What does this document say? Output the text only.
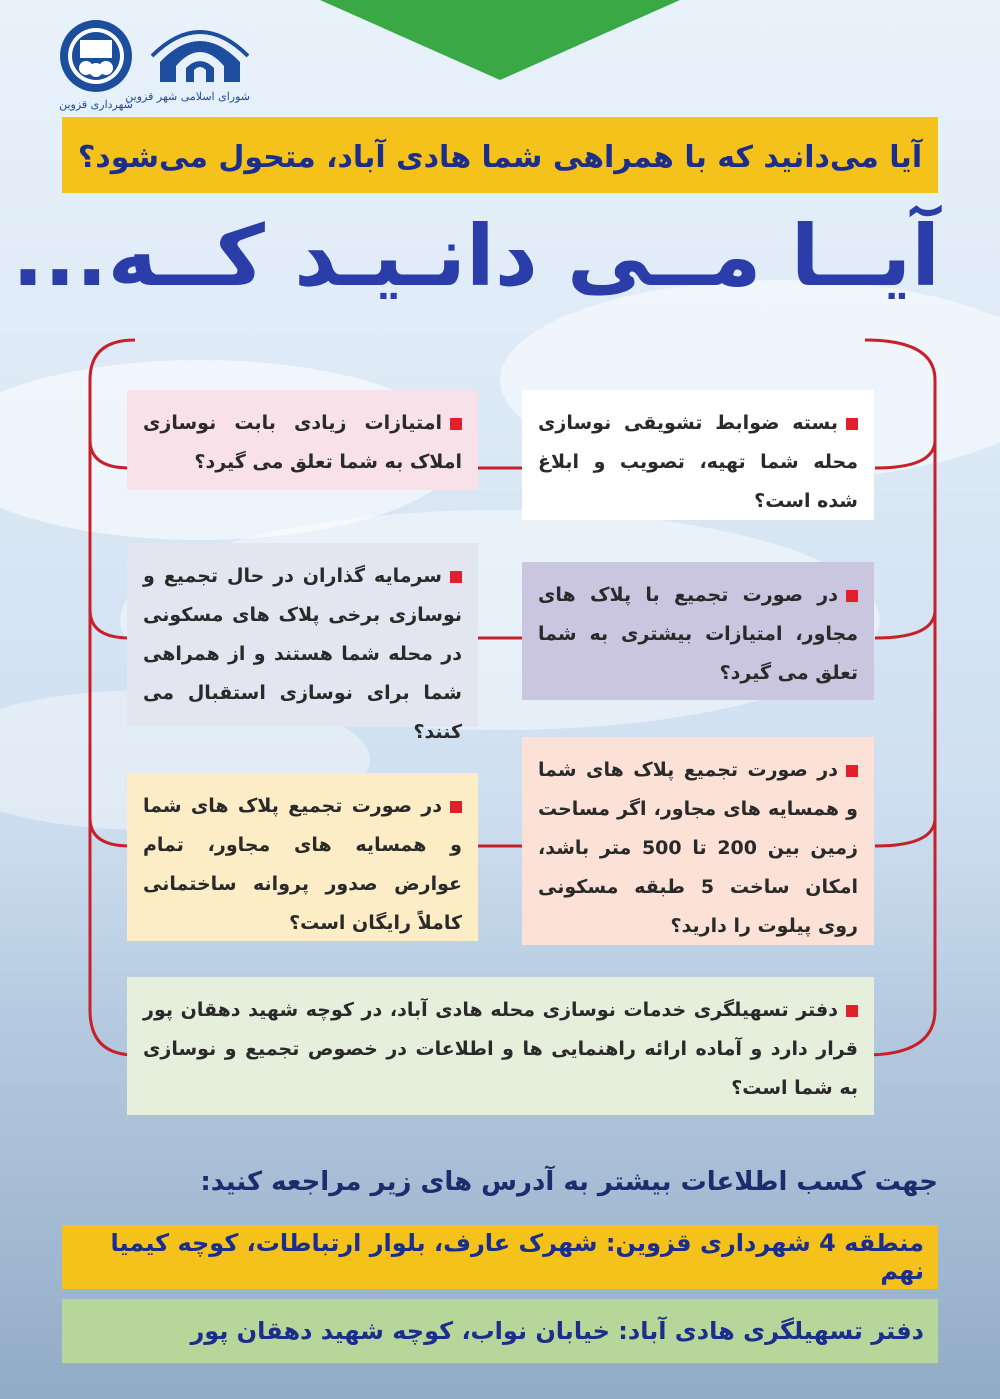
شورای اسلامی شهر قزوین
شهرداری قزوین
آیا می‌دانید که با همراهی شما هادی آباد، متحول می‌شود؟
آیــا مــی دانـیـد کــه...
بسته ضوابط تشویقی نوسازی محله شما تهیه، تصویب و ابلاغ شده است؟
امتیازات زیادی بابت نوسازی املاک به شما تعلق می گیرد؟
در صورت تجمیع با پلاک های مجاور، امتیازات بیشتری به شما تعلق می گیرد؟
سرمایه گذاران در حال تجمیع و نوسازی برخی پلاک های مسکونی در محله شما هستند و از همراهی شما برای نوسازی استقبال می کنند؟
در صورت تجمیع پلاک های شما و همسایه های مجاور، اگر مساحت زمین بین 200 تا 500 متر باشد، امکان ساخت 5 طبقه مسکونی روی پیلوت را دارید؟
در صورت تجمیع پلاک های شما و همسایه های مجاور، تمام عوارض صدور پروانه ساختمانی کاملاً رایگان است؟
دفتر تسهیلگری خدمات نوسازی محله هادی آباد، در کوچه شهید دهقان پور قرار دارد و آماده ارائه راهنمایی ها و اطلاعات در خصوص تجمیع و نوسازی به شما است؟
جهت کسب اطلاعات بیشتر به آدرس های زیر مراجعه کنید:
منطقه 4 شهرداری قزوین: شهرک عارف، بلوار ارتباطات، کوچه کیمیا نهم
دفتر تسهیلگری هادی آباد: خیابان نواب، کوچه شهید دهقان پور
